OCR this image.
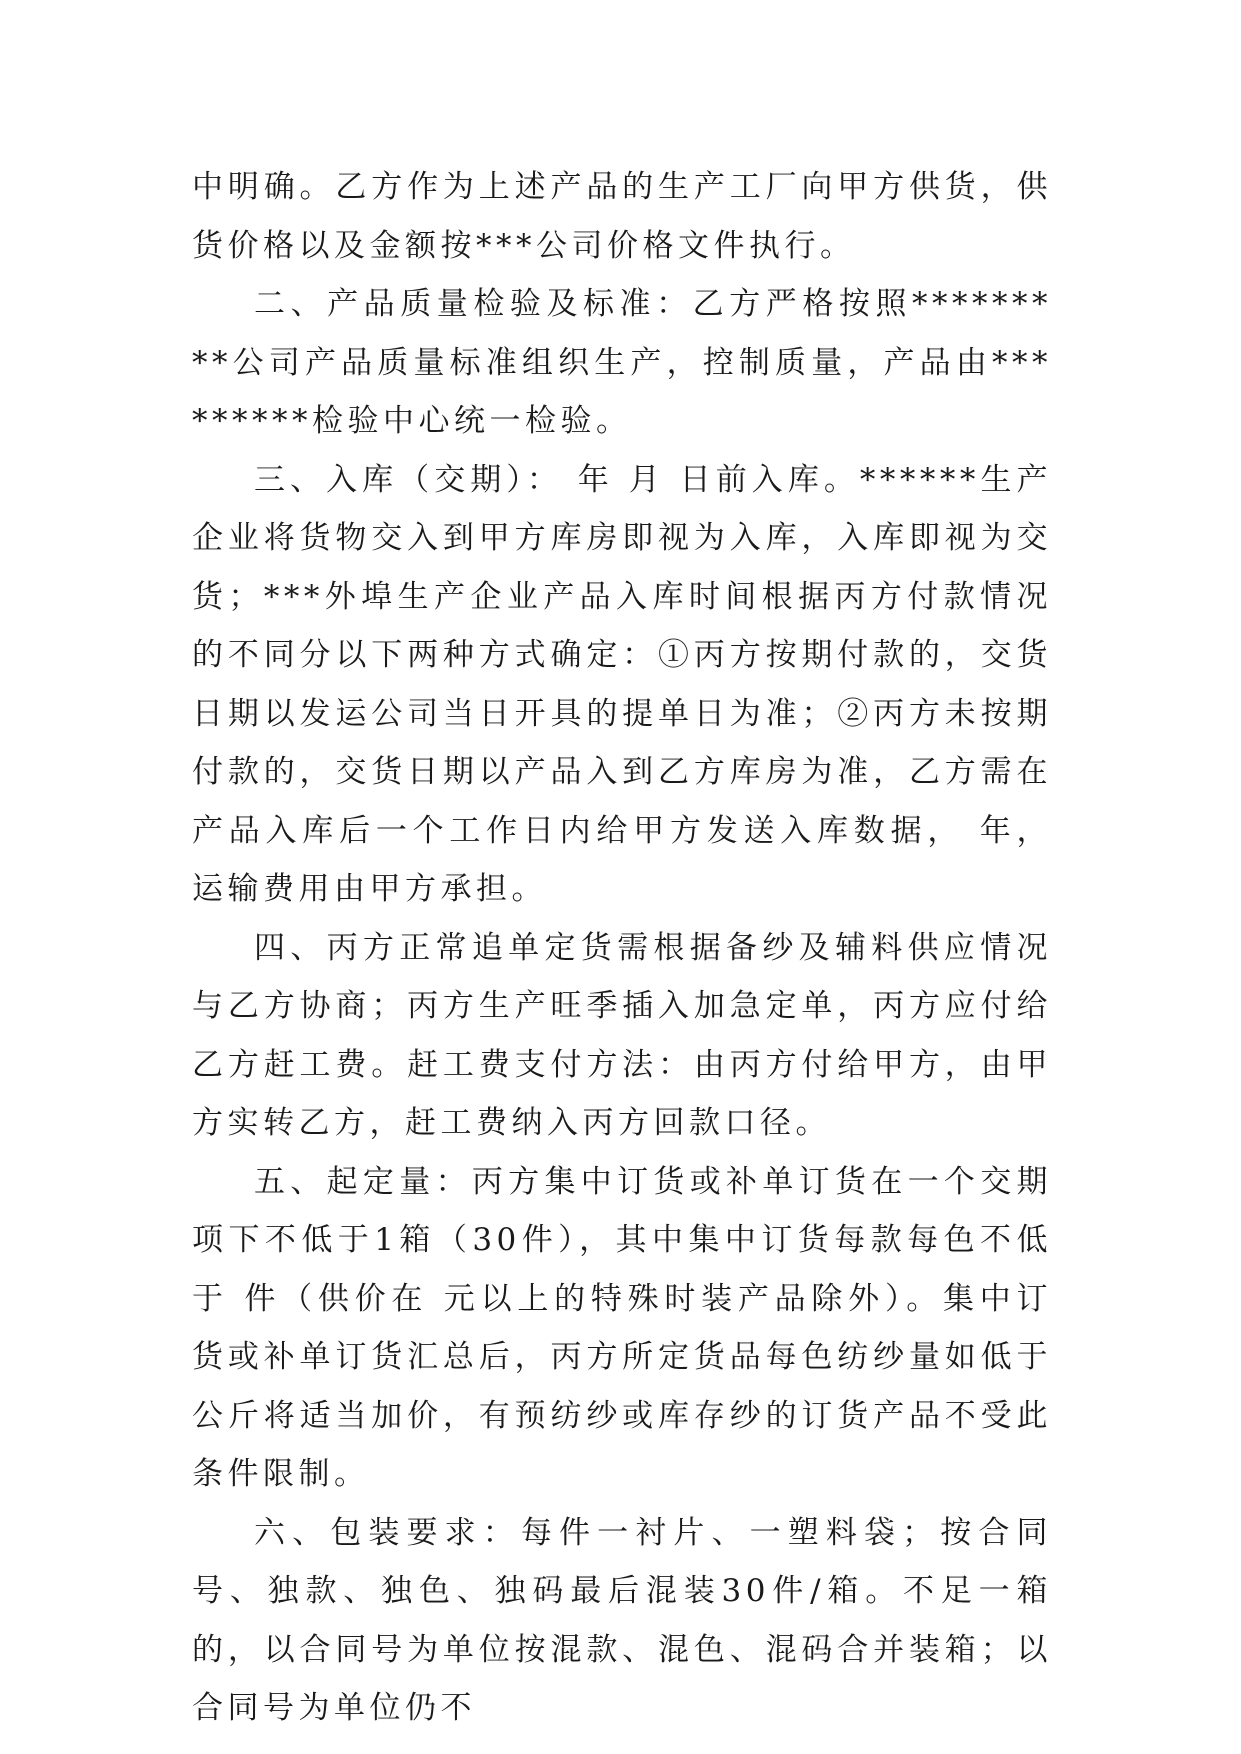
中明确。乙方作为上述产品的生产工厂向甲方供货，供货价格以及金额按***公司价格文件执行。

二、产品质量检验及标准：乙方严格按照*********公司产品质量标准组织生产，控制质量，产品由*********检验中心统一检验。

三、入库（交期）： 年 月 日前入库。******生产企业将货物交入到甲方库房即视为入库，入库即视为交货；***外埠生产企业产品入库时间根据丙方付款情况的不同分以下两种方式确定：①丙方按期付款的，交货日期以发运公司当日开具的提单日为准；②丙方未按期付款的，交货日期以产品入到乙方库房为准，乙方需在产品入库后一个工作日内给甲方发送入库数据， 年，运输费用由甲方承担。

四、丙方正常追单定货需根据备纱及辅料供应情况与乙方协商；丙方生产旺季插入加急定单，丙方应付给乙方赶工费。赶工费支付方法：由丙方付给甲方，由甲方实转乙方，赶工费纳入丙方回款口径。

五、起定量：丙方集中订货或补单订货在一个交期项下不低于1箱（30件），其中集中订货每款每色不低于 件（供价在 元以上的特殊时装产品除外）。集中订货或补单订货汇总后，丙方所定货品每色纺纱量如低于 公斤将适当加价，有预纺纱或库存纱的订货产品不受此条件限制。

六、包装要求：每件一衬片、一塑料袋；按合同号、独款、独色、独码最后混装30件/箱。不足一箱的，以合同号为单位按混款、混色、混码合并装箱；以合同号为单位仍不
